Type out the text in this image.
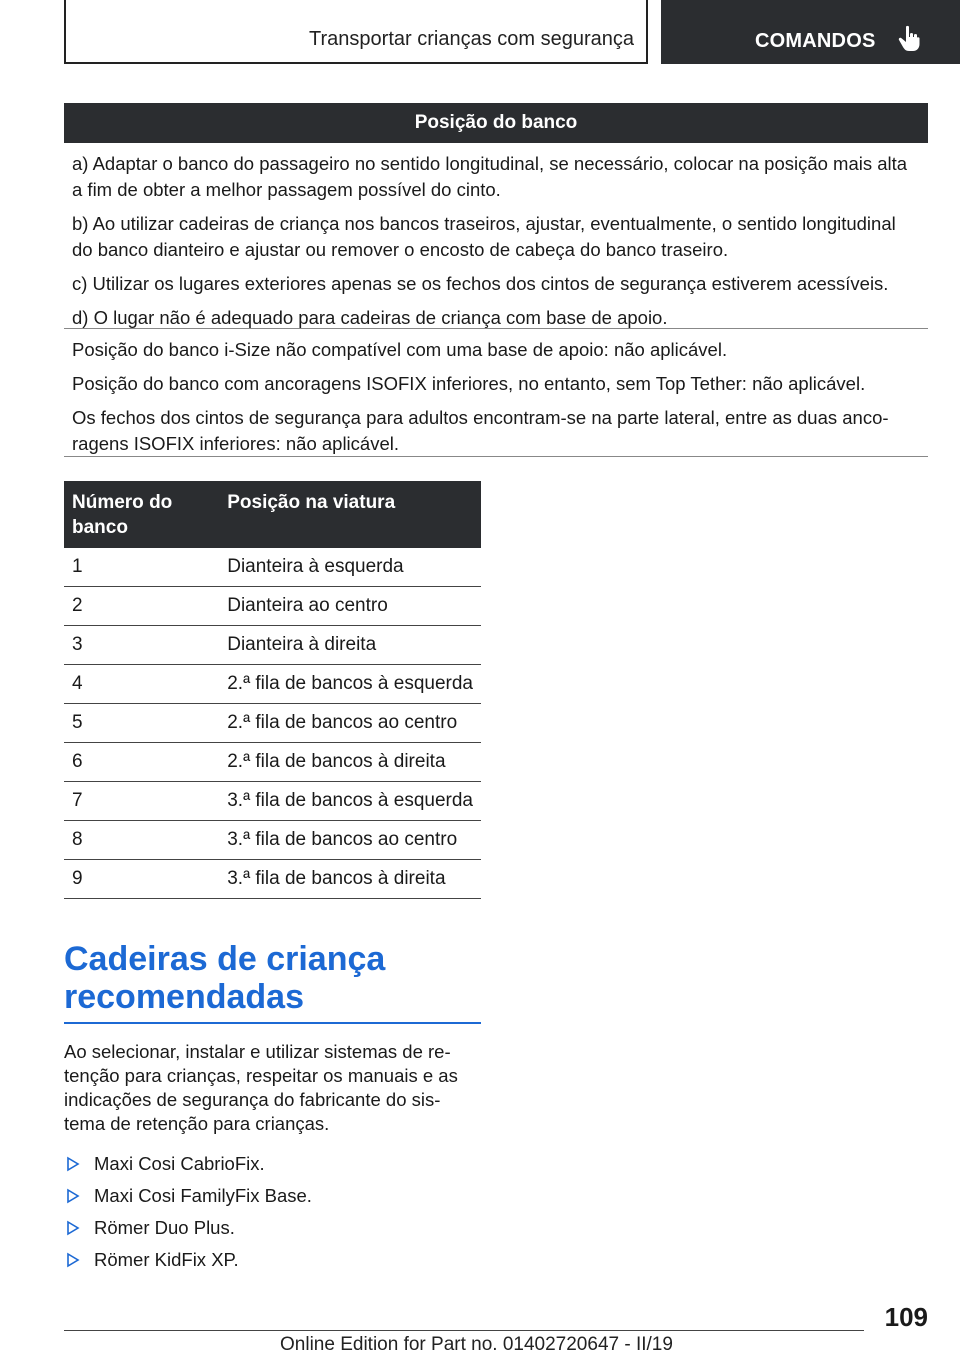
Transportar crianças com segurança	COMANDOS
Posição do banco

a) Adaptar o banco do passageiro no sentido longitudinal, se necessário, colocar na posição mais alta a fim de obter a melhor passagem possível do cinto.

b) Ao utilizar cadeiras de criança nos bancos traseiros, ajustar, eventualmente, o sentido longitudinal do banco dianteiro e ajustar ou remover o encosto de cabeça do banco traseiro.

c) Utilizar os lugares exteriores apenas se os fechos dos cintos de segurança estiverem acessíveis.

d) O lugar não é adequado para cadeiras de criança com base de apoio.

Posição do banco i-Size não compatível com uma base de apoio: não aplicável.

Posição do banco com ancoragens ISOFIX inferiores, no entanto, sem Top Tether: não aplicável.

Os fechos dos cintos de segurança para adultos encontram-se na parte lateral, entre as duas anco-ragens ISOFIX inferiores: não aplicável.

Número do banco	Posição na viatura
1	Dianteira à esquerda
2	Dianteira ao centro
3	Dianteira à direita
4	2.ª fila de bancos à esquerda
5	2.ª fila de bancos ao centro
6	2.ª fila de bancos à direita
7	3.ª fila de bancos à esquerda
8	3.ª fila de bancos ao centro
9	3.ª fila de bancos à direita
Cadeiras de criança recomendadas

Ao selecionar, instalar e utilizar sistemas de re-tenção para crianças, respeitar os manuais e as indicações de segurança do fabricante do sis-tema de retenção para crianças.

Maxi Cosi CabrioFix.
Maxi Cosi FamilyFix Base.
Römer Duo Plus.
Römer KidFix XP.
109
Online Edition for Part no. 01402720647 - II/19
